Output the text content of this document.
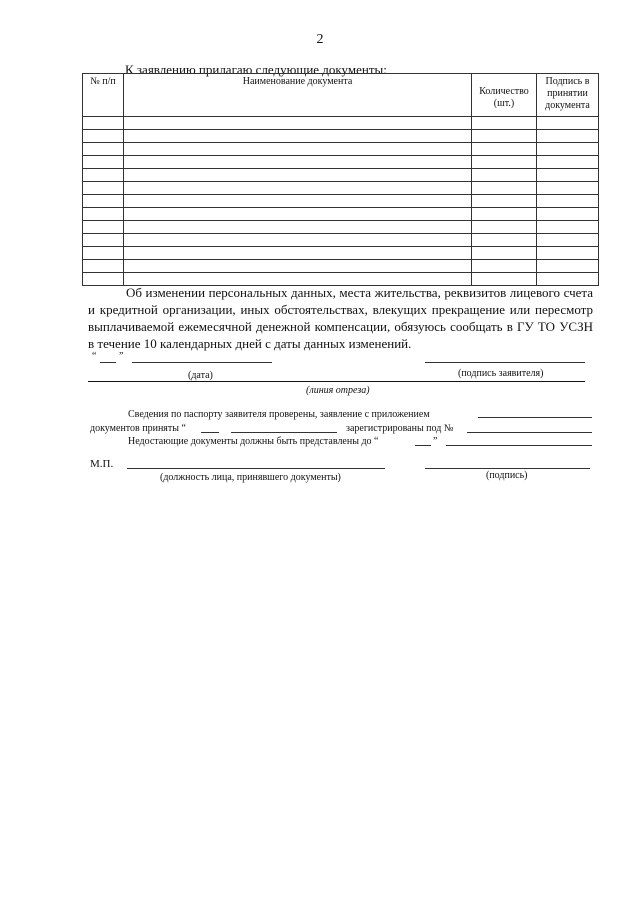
2
К заявлению прилагаю следующие документы:
№ п/п	Наименование документа	Количество (шт.)	Подпись в принятии документа

Об изменении персональных данных, места жительства, реквизитов лицевого счета и кредитной организации, иных обстоятельствах, влекущих прекращение или пересмотр выплачиваемой ежемесячной денежной компенсации, обязуюсь сообщать в ГУ ТО УСЗН в течение 10 календарных дней с даты данных изменений.
“ ”
(дата)	(подпись заявителя)
(линия отреза)
Сведения по паспорту заявителя проверены, заявление с приложением
документов приняты “	зарегистрированы под №
Недостающие документы должны быть представлены до “	”
М.П.
(должность лица, принявшего документы)	(подпись)
